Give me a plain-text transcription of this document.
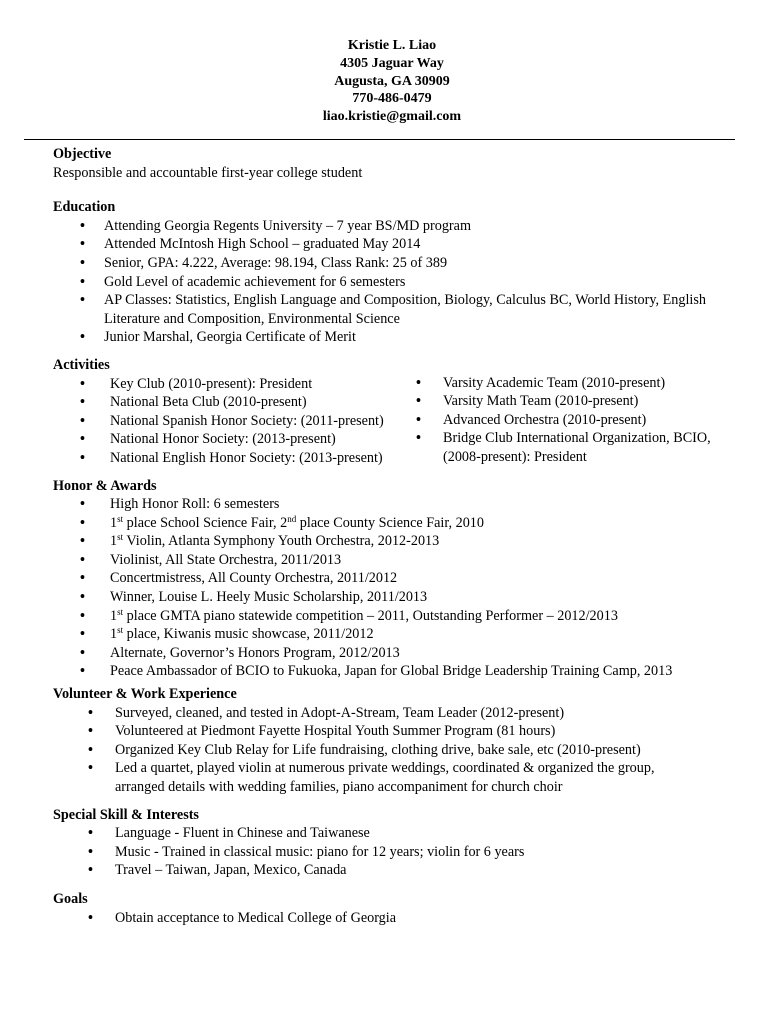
Kristie L. Liao
4305 Jaguar Way
Augusta, GA 30909
770-486-0479
liao.kristie@gmail.com
Objective
Responsible and accountable first-year college student
Education
• Attending Georgia Regents University – 7 year BS/MD program
• Attended McIntosh High School – graduated May 2014
• Senior, GPA: 4.222, Average: 98.194, Class Rank: 25 of 389
• Gold Level of academic achievement for 6 semesters
• AP Classes: Statistics, English Language and Composition, Biology, Calculus BC, World History, English Literature and Composition, Environmental Science
• Junior Marshal, Georgia Certificate of Merit
Activities
• Key Club (2010-present): President
• National Beta Club (2010-present)
• National Spanish Honor Society: (2011-present)
• National Honor Society: (2013-present)
• National English Honor Society: (2013-present)
• Varsity Academic Team (2010-present)
• Varsity Math Team (2010-present)
• Advanced Orchestra (2010-present)
• Bridge Club International Organization, BCIO, (2008-present): President
Honor & Awards
• High Honor Roll: 6 semesters
• 1st place School Science Fair, 2nd place County Science Fair, 2010
• 1st Violin, Atlanta Symphony Youth Orchestra, 2012-2013
• Violinist, All State Orchestra, 2011/2013
• Concertmistress, All County Orchestra, 2011/2012
• Winner, Louise L. Heely Music Scholarship, 2011/2013
• 1st place GMTA piano statewide competition – 2011, Outstanding Performer – 2012/2013
• 1st place, Kiwanis music showcase, 2011/2012
• Alternate, Governor’s Honors Program, 2012/2013
• Peace Ambassador of BCIO to Fukuoka, Japan for Global Bridge Leadership Training Camp, 2013
Volunteer & Work Experience
• Surveyed, cleaned, and tested in Adopt-A-Stream, Team Leader (2012-present)
• Volunteered at Piedmont Fayette Hospital Youth Summer Program (81 hours)
• Organized Key Club Relay for Life fundraising, clothing drive, bake sale, etc (2010-present)
• Led a quartet, played violin at numerous private weddings, coordinated & organized the group, arranged details with wedding families, piano accompaniment for church choir
Special Skill & Interests
• Language - Fluent in Chinese and Taiwanese
• Music - Trained in classical music: piano for 12 years; violin for 6 years
• Travel – Taiwan, Japan, Mexico, Canada
Goals
• Obtain acceptance to Medical College of Georgia
